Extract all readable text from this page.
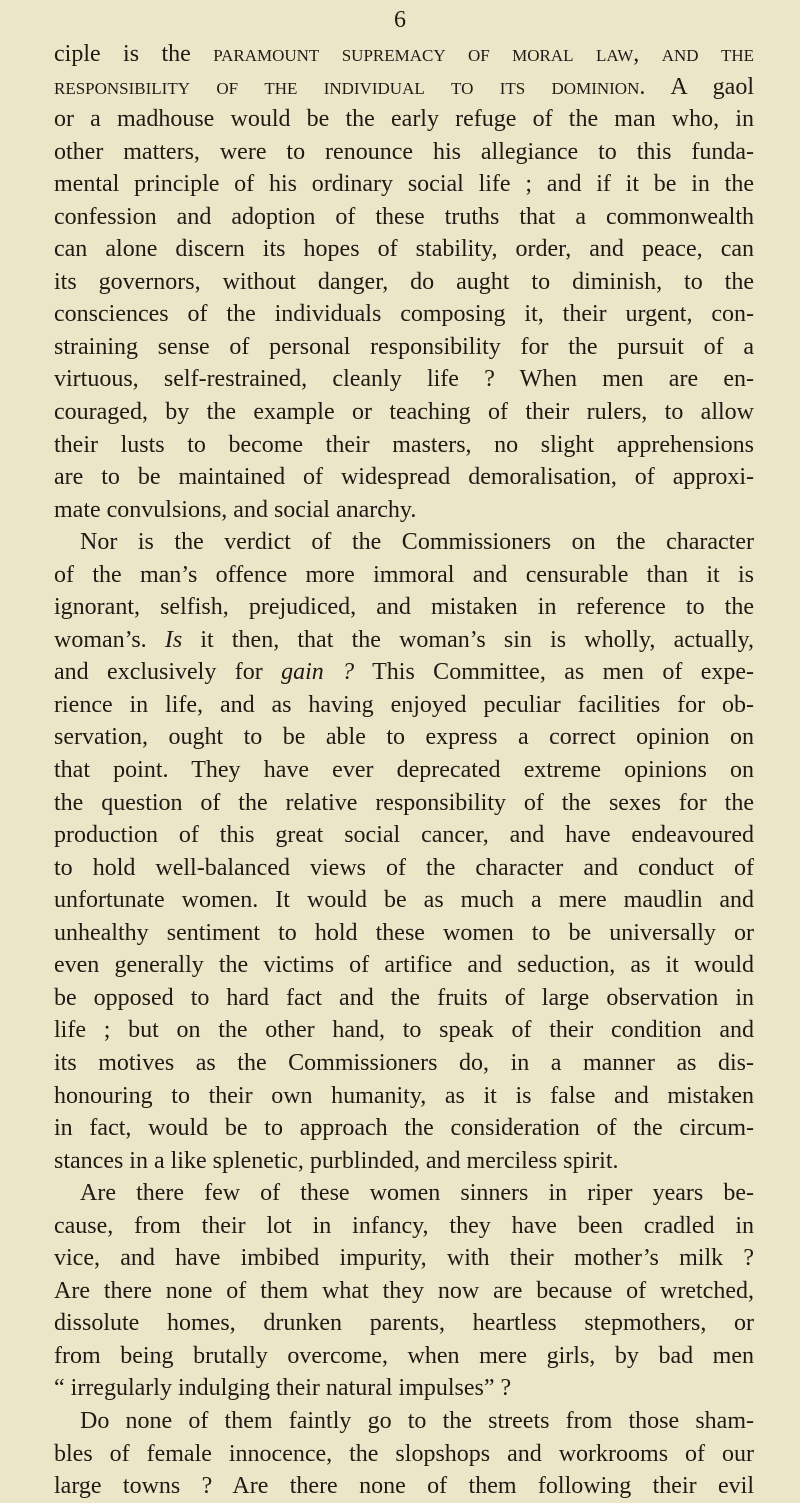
6
ciple is the paramount supremacy of moral law, and the
responsibility of the individual to its dominion. A gaol
or a madhouse would be the early refuge of the man who, in
other matters, were to renounce his allegiance to this funda-
mental principle of his ordinary social life ; and if it be in the
confession and adoption of these truths that a commonwealth
can alone discern its hopes of stability, order, and peace, can
its governors, without danger, do aught to diminish, to the
consciences of the individuals composing it, their urgent, con-
straining sense of personal responsibility for the pursuit of a
virtuous, self-restrained, cleanly life ? When men are en-
couraged, by the example or teaching of their rulers, to allow
their lusts to become their masters, no slight apprehensions
are to be maintained of widespread demoralisation, of approxi-
mate convulsions, and social anarchy.
Nor is the verdict of the Commissioners on the character
of the man’s offence more immoral and censurable than it is
ignorant, selfish, prejudiced, and mistaken in reference to the
woman’s. Is it then, that the woman’s sin is wholly, actually,
and exclusively for gain ? This Committee, as men of expe-
rience in life, and as having enjoyed peculiar facilities for ob-
servation, ought to be able to express a correct opinion on
that point. They have ever deprecated extreme opinions on
the question of the relative responsibility of the sexes for the
production of this great social cancer, and have endeavoured
to hold well-balanced views of the character and conduct of
unfortunate women. It would be as much a mere maudlin and
unhealthy sentiment to hold these women to be universally or
even generally the victims of artifice and seduction, as it would
be opposed to hard fact and the fruits of large observation in
life ; but on the other hand, to speak of their condition and
its motives as the Commissioners do, in a manner as dis-
honouring to their own humanity, as it is false and mistaken
in fact, would be to approach the consideration of the circum-
stances in a like splenetic, purblinded, and merciless spirit.
Are there few of these women sinners in riper years be-
cause, from their lot in infancy, they have been cradled in
vice, and have imbibed impurity, with their mother’s milk ?
Are there none of them what they now are because of wretched,
dissolute homes, drunken parents, heartless stepmothers, or
from being brutally overcome, when mere girls, by bad men
“ irregularly indulging their natural impulses” ?
Do none of them faintly go to the streets from those sham-
bles of female innocence, the slopshops and workrooms of our
large towns ? Are there none of them following their evil
